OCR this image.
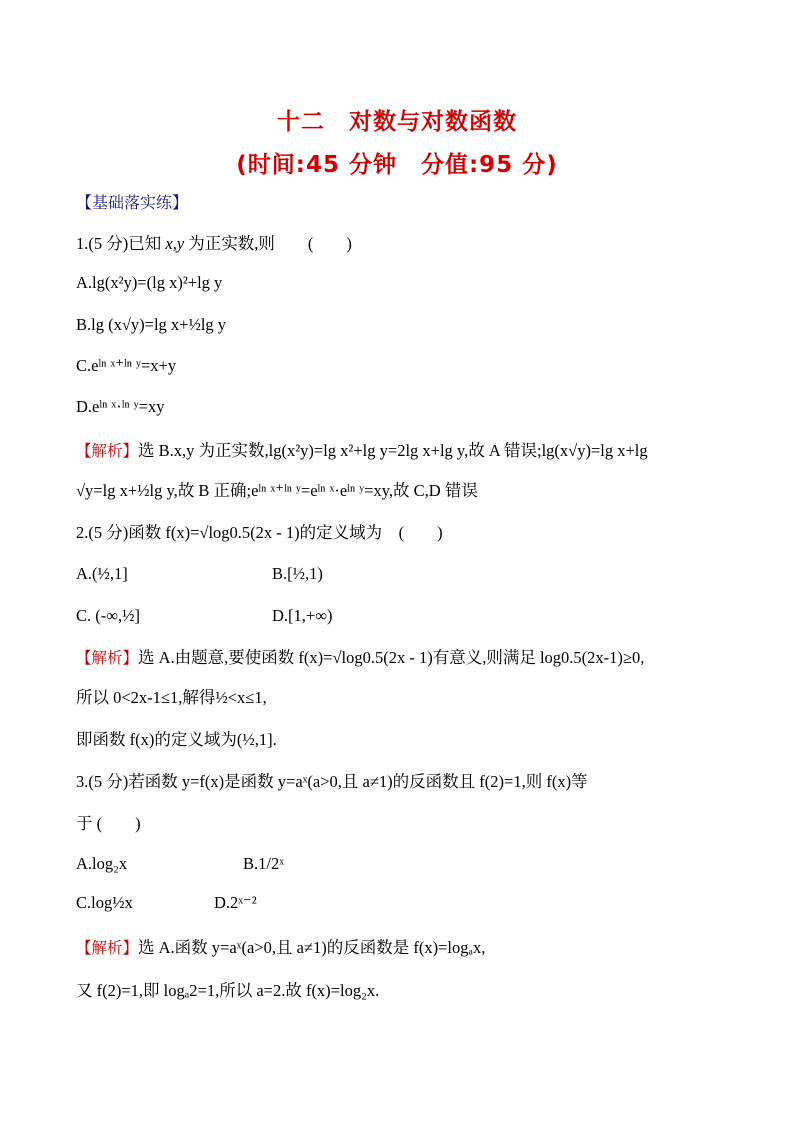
十二　对数与对数函数
(时间:45 分钟　分值:95 分)
【基础落实练】
1.(5 分)已知 x,y 为正实数,则　　(　　)
A.lg(x²y)=(lg x)²+lg y
B.lg (x√y)=lg x+½lg y
C.eˡⁿ ˣ⁺ˡⁿ ʸ=x+y
D.eˡⁿ ˣ·ˡⁿ ʸ=xy
【解析】选 B.x,y 为正实数,lg(x²y)=lg x²+lg y=2lg x+lg y,故 A 错误;lg(x√y)=lg x+lg
√y=lg x+½lg y,故 B 正确;eˡⁿ ˣ⁺ˡⁿ ʸ=eˡⁿ ˣ·eˡⁿ ʸ=xy,故 C,D 错误
2.(5 分)函数 f(x)=√log0.5(2x - 1)的定义域为　(　　)
A.(½,1]	B.[½,1)
C. (-∞,½]	D.[1,+∞)
【解析】选 A.由题意,要使函数 f(x)=√log0.5(2x - 1)有意义,则满足 log0.5(2x-1)≥0,
所以 0<2x-1≤1,解得½<x≤1,
即函数 f(x)的定义域为(½,1].
3.(5 分)若函数 y=f(x)是函数 y=aˣ(a>0,且 a≠1)的反函数且 f(2)=1,则 f(x)等
于 (　　)
A.log₂x	B.1/2ˣ
C.log½x	D.2ˣ⁻²
【解析】选 A.函数 y=aˣ(a>0,且 a≠1)的反函数是 f(x)=logₐx,
又 f(2)=1,即 logₐ2=1,所以 a=2.故 f(x)=log₂x.
